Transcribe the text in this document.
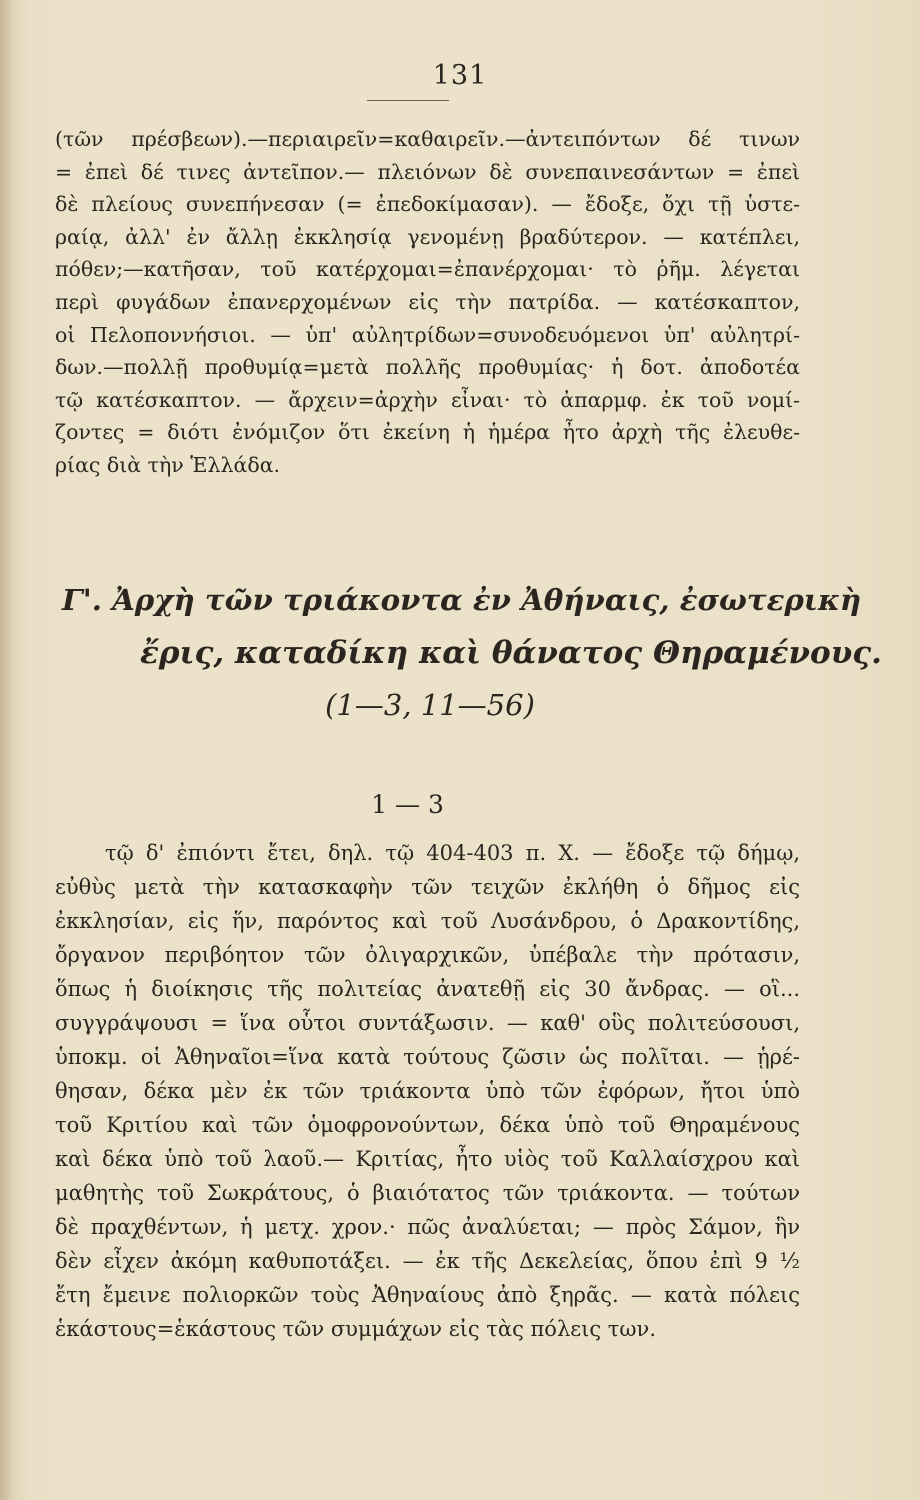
131
(τῶν πρέσβεων).—περιαιρεῖν=καθαιρεῖν.—ἀντειπόντων δέ τινων
= ἐπεὶ δέ τινες ἀντεῖπον.— πλειόνων δὲ συνεπαινεσάντων = ἐπεὶ
δὲ πλείους συνεπήνεσαν (= ἐπεδοκίμασαν). — ἔδοξε, ὄχι τῇ ὑστε-
ραίᾳ, ἀλλ' ἐν ἄλλῃ ἐκκλησίᾳ γενομένῃ βραδύτερον. — κατέπλει,
πόθεν;—κατῆσαν, τοῦ κατέρχομαι=ἐπανέρχομαι· τὸ ῥῆμ. λέγεται
περὶ φυγάδων ἐπανερχομένων εἰς τὴν πατρίδα. — κατέσκαπτον,
οἱ Πελοποννήσιοι. — ὑπ' αὐλητρίδων=συνοδευόμενοι ὑπ' αὐλητρί-
δων.—πολλῇ προθυμίᾳ=μετὰ πολλῆς προθυμίας· ἡ δοτ. ἀποδοτέα
τῷ κατέσκαπτον. — ἄρχειν=ἀρχὴν εἶναι· τὸ ἀπαρμφ. ἐκ τοῦ νομί-
ζοντες = διότι ἐνόμιζον ὅτι ἐκείνη ἡ ἡμέρα ἦτο ἀρχὴ τῆς ἐλευθε-
ρίας διὰ τὴν Ἑλλάδα.
Γ'. Ἀρχὴ τῶν τριάκοντα ἐν Ἀθήναις, ἐσωτερικὴ
ἔρις, καταδίκη καὶ θάνατος Θηραμένους.
(1—3, 11—56)
1 — 3
τῷ δ' ἐπιόντι ἔτει, δηλ. τῷ 404-403 π. Χ. — ἔδοξε τῷ δήμῳ,
εὐθὺς μετὰ τὴν κατασκαφὴν τῶν τειχῶν ἐκλήθη ὁ δῆμος εἰς
ἐκκλησίαν, εἰς ἥν, παρόντος καὶ τοῦ Λυσάνδρου, ὁ Δρακοντίδης,
ὄργανον περιβόητον τῶν ὀλιγαρχικῶν, ὑπέβαλε τὴν πρότασιν,
ὅπως ἡ διοίκησις τῆς πολιτείας ἀνατεθῇ εἰς 30 ἄνδρας. — οἳ...
συγγράψουσι = ἵνα οὗτοι συντάξωσιν. — καθ' οὓς πολιτεύσουσι,
ὑποκμ. οἱ Ἀθηναῖοι=ἵνα κατὰ τούτους ζῶσιν ὡς πολῖται. — ᾑρέ-
θησαν, δέκα μὲν ἐκ τῶν τριάκοντα ὑπὸ τῶν ἐφόρων, ἤτοι ὑπὸ
τοῦ Κριτίου καὶ τῶν ὁμοφρονούντων, δέκα ὑπὸ τοῦ Θηραμένους
καὶ δέκα ὑπὸ τοῦ λαοῦ.— Κριτίας, ἦτο υἱὸς τοῦ Καλλαίσχρου καὶ
μαθητὴς τοῦ Σωκράτους, ὁ βιαιότατος τῶν τριάκοντα. — τούτων
δὲ πραχθέντων, ἡ μετχ. χρον.· πῶς ἀναλύεται; — πρὸς Σάμον, ἣν
δὲν εἶχεν ἀκόμη καθυποτάξει. — ἐκ τῆς Δεκελείας, ὅπου ἐπὶ 9 ½
ἔτη ἔμεινε πολιορκῶν τοὺς Ἀθηναίους ἀπὸ ξηρᾶς. — κατὰ πόλεις
ἑκάστους=ἑκάστους τῶν συμμάχων εἰς τὰς πόλεις των.
